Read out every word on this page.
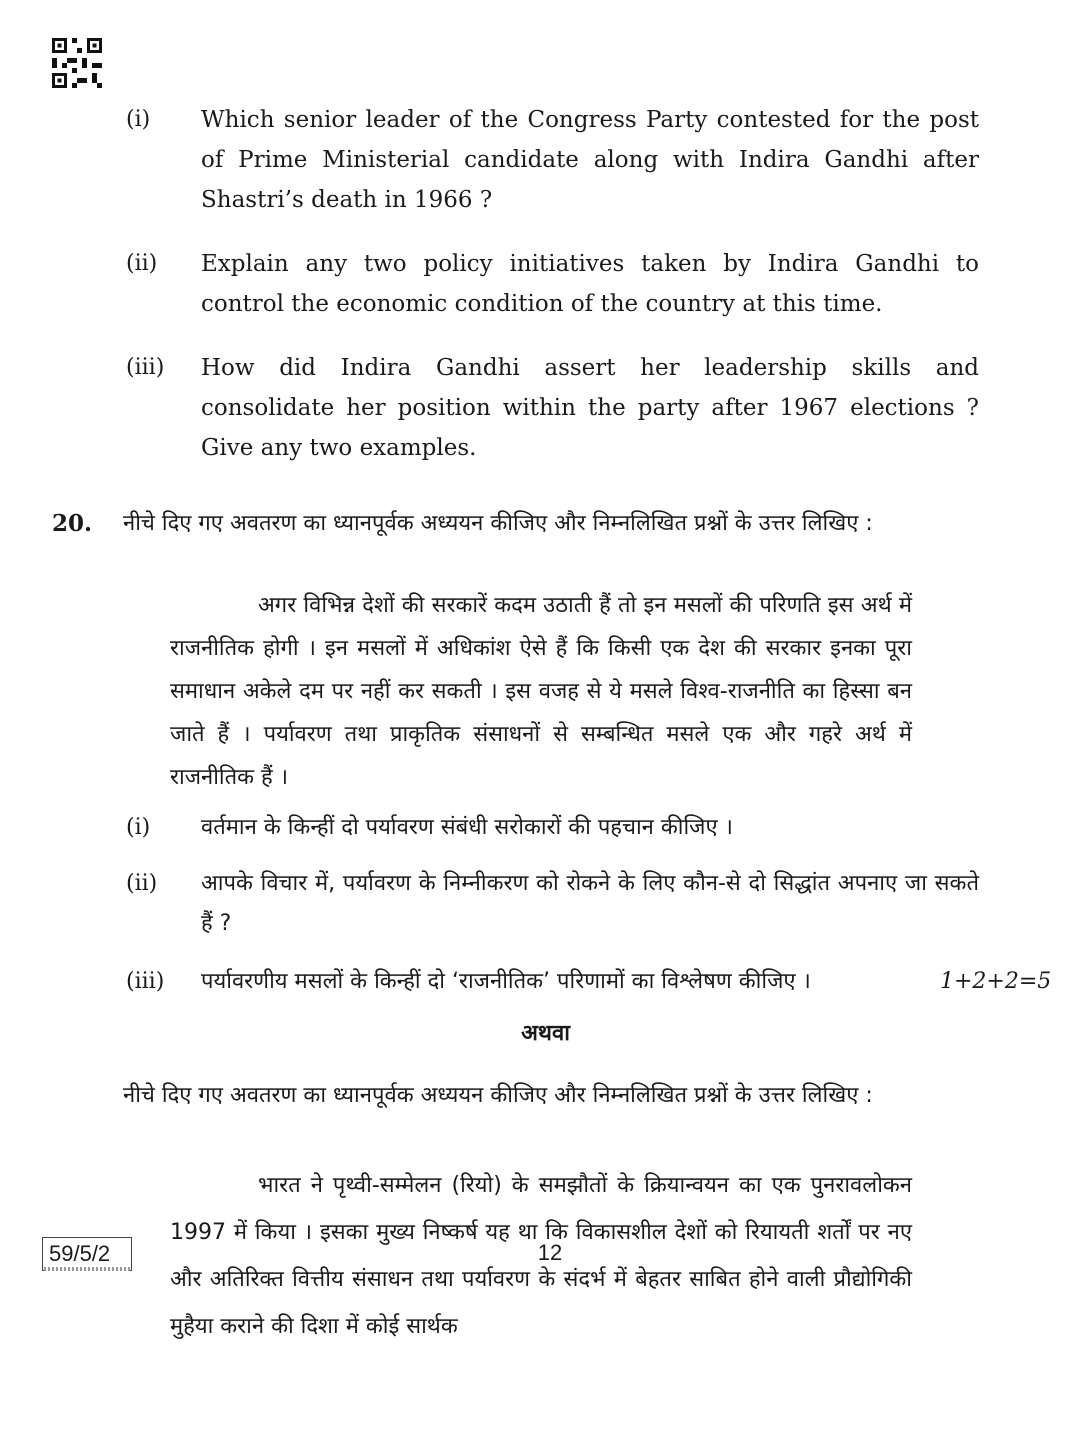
(i) Which senior leader of the Congress Party contested for the post of Prime Ministerial candidate along with Indira Gandhi after Shastri’s death in 1966 ?
(ii) Explain any two policy initiatives taken by Indira Gandhi to control the economic condition of the country at this time.
(iii) How did Indira Gandhi assert her leadership skills and consolidate her position within the party after 1967 elections ? Give any two examples.
20. नीचे दिए गए अवतरण का ध्यानपूर्वक अध्ययन कीजिए और निम्नलिखित प्रश्नों के उत्तर लिखिए :
अगर विभिन्न देशों की सरकारें कदम उठाती हैं तो इन मसलों की परिणति इस अर्थ में राजनीतिक होगी । इन मसलों में अधिकांश ऐसे हैं कि किसी एक देश की सरकार इनका पूरा समाधान अकेले दम पर नहीं कर सकती । इस वजह से ये मसले विश्व-राजनीति का हिस्सा बन जाते हैं । पर्यावरण तथा प्राकृतिक संसाधनों से सम्बन्धित मसले एक और गहरे अर्थ में राजनीतिक हैं ।
(i) वर्तमान के किन्हीं दो पर्यावरण संबंधी सरोकारों की पहचान कीजिए ।
(ii) आपके विचार में, पर्यावरण के निम्नीकरण को रोकने के लिए कौन-से दो सिद्धांत अपनाए जा सकते हैं ?
(iii) पर्यावरणीय मसलों के किन्हीं दो ‘राजनीतिक’ परिणामों का विश्लेषण कीजिए ।	1+2+2=5
अथवा
नीचे दिए गए अवतरण का ध्यानपूर्वक अध्ययन कीजिए और निम्नलिखित प्रश्नों के उत्तर लिखिए :
भारत ने पृथ्वी-सम्मेलन (रियो) के समझौतों के क्रियान्वयन का एक पुनरावलोकन 1997 में किया । इसका मुख्य निष्कर्ष यह था कि विकासशील देशों को रियायती शर्तों पर नए और अतिरिक्त वित्तीय संसाधन तथा पर्यावरण के संदर्भ में बेहतर साबित होने वाली प्रौद्योगिकी मुहैया कराने की दिशा में कोई सार्थक
59/5/2	12
